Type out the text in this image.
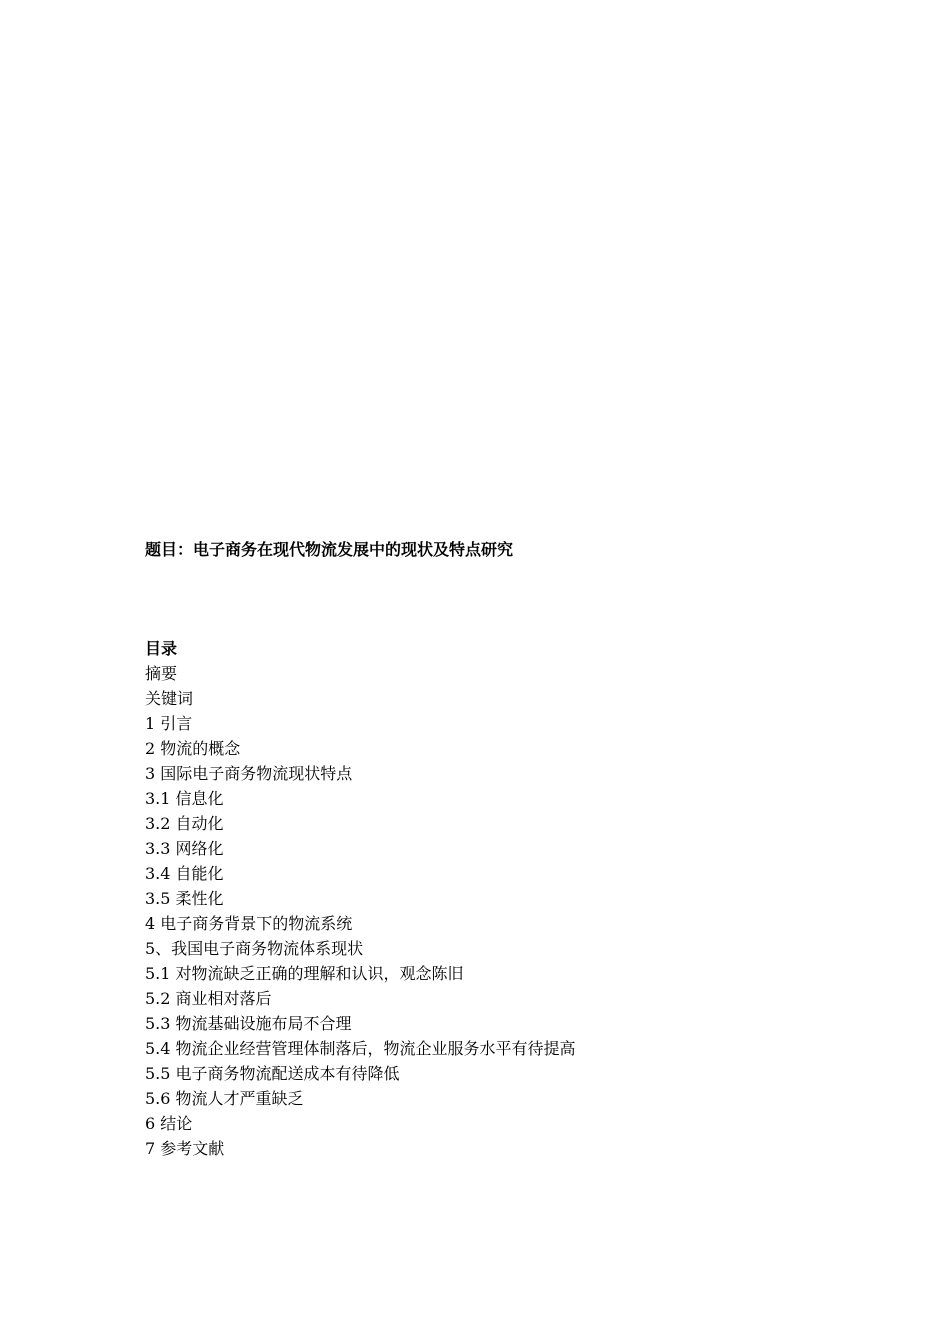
题目：电子商务在现代物流发展中的现状及特点研究
目录
摘要
关键词
1 引言
2 物流的概念
3 国际电子商务物流现状特点
3.1 信息化
3.2 自动化
3.3 网络化
3.4 自能化
3.5 柔性化
4 电子商务背景下的物流系统
5、我国电子商务物流体系现状
5.1 对物流缺乏正确的理解和认识，观念陈旧
5.2 商业相对落后
5.3 物流基础设施布局不合理
5.4 物流企业经营管理体制落后，物流企业服务水平有待提高
5.5 电子商务物流配送成本有待降低
5.6 物流人才严重缺乏
6 结论
7 参考文献
